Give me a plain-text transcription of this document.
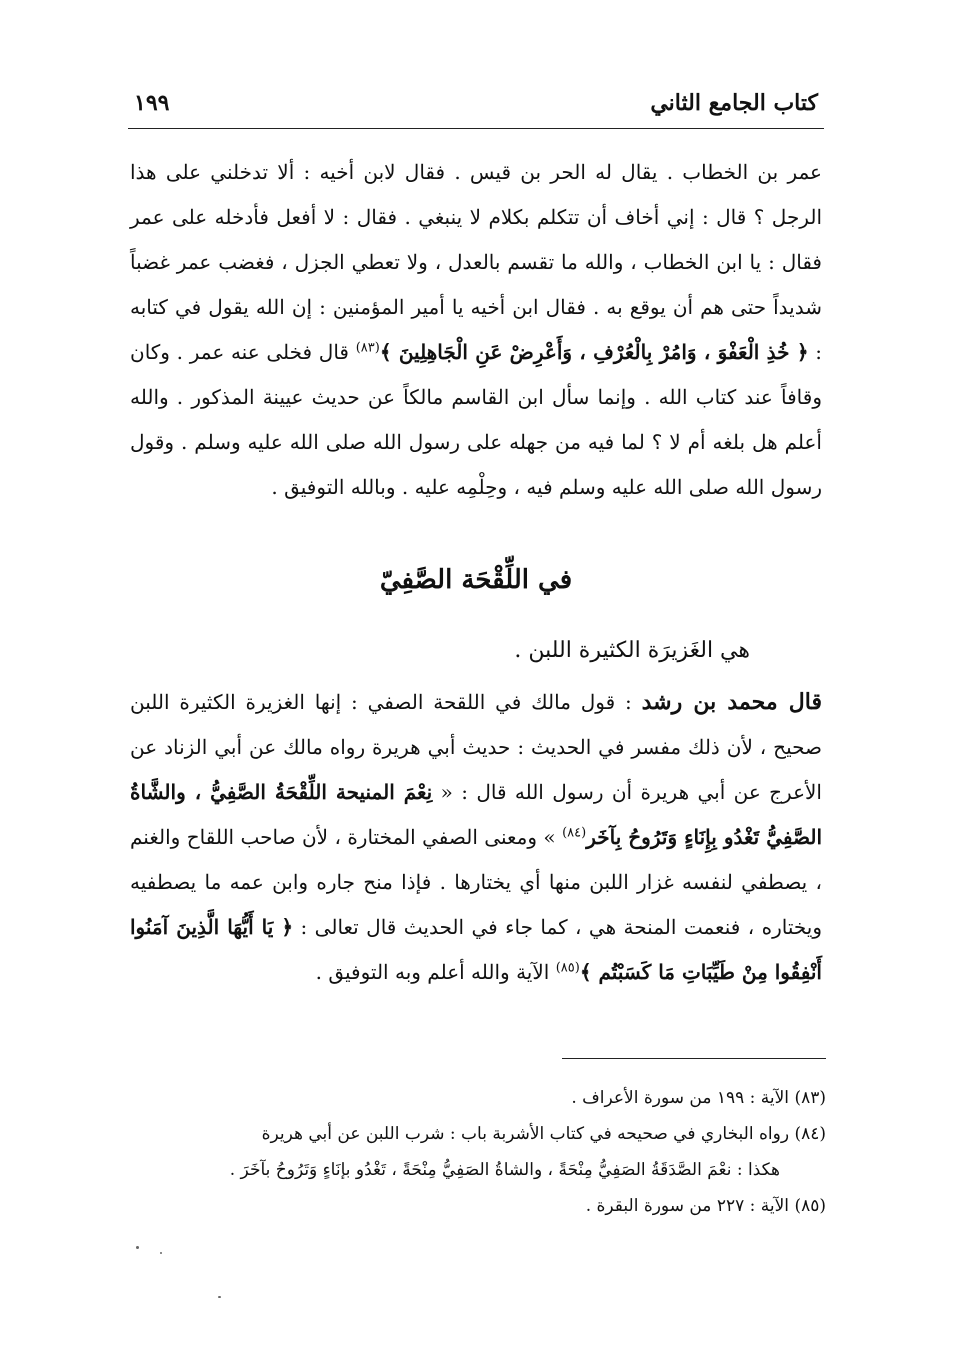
كتاب الجامع الثاني
١٩٩
عمر بن الخطاب . يقال له الحر بن قيس . فقال لابن أخيه : ألا تدخلني على هذا الرجل ؟ قال : إني أخاف أن تتكلم بكلام لا ينبغي . فقال : لا أفعل فأدخله على عمر فقال : يا ابن الخطاب ، والله ما تقسم بالعدل ، ولا تعطي الجزل ، فغضب عمر غضباً شديداً حتى هم أن يوقع به . فقال ابن أخيه يا أمير المؤمنين : إن الله يقول في كتابه : ﴿ خُذِ الْعَفْوَ ، وَامُرْ بِالْعُرْفِ ، وَأَعْرِضْ عَنِ الْجَاهِلِينَ ﴾$^{(٨٣)}$ قال فخلى عنه عمر . وكان وقافاً عند كتاب الله . وإنما سأل ابن القاسم مالكاً عن حديث عيينة المذكور . والله أعلم هل بلغه أم لا ؟ لما فيه من جهله على رسول الله صلى الله عليه وسلم . وقول رسول الله صلى الله عليه وسلم فيه ، وحِلْمِه عليه . وبالله التوفيق .
في اللِّقْحَة الصَّفِيّ
هي الغَزيرَة الكثيرة اللبن .
قال محمد بن رشد : قول مالك في اللقحة الصفي : إنها الغزيرة الكثيرة اللبن صحيح ، لأن ذلك مفسر في الحديث : حديث أبي هريرة رواه مالك عن أبي الزناد عن الأعرج عن أبي هريرة أن رسول الله قال : « نِعْمَ المنيحة اللِّقْحَةُ الصَّفِيُّ ، والشَّاةُ الصَّفِيُّ تَغْدُو بِإِنَاءٍ وَتَرُوحُ بِآخَر$^{(٨٤)}$ » ومعنى الصفي المختارة ، لأن صاحب اللقاح والغنم ، يصطفي لنفسه غزار اللبن منها أي يختارها . فإذا منح جاره وابن عمه ما يصطفيه ويختاره ، فنعمت المنحة هي ، كما جاء في الحديث قال تعالى : ﴿ يَا أَيُّهَا الَّذِينَ آمَنُوا أَنْفِقُوا مِنْ طَيِّبَاتِ مَا كَسَبْتُم ﴾$^{(٨٥)}$ الآية والله أعلم وبه التوفيق .

(٨٣) الآية : ١٩٩ من سورة الأعراف .

(٨٤) رواه البخاري في صحيحه في كتاب الأشربة باب : شرب اللبن عن أبي هريرة
هكذا : نعْمَ الصَّدَقَةُ الصَفِيُّ مِنْحَةً ، والشاةُ الصَفِيُّ مِنْحَةً ، تَغْدُو بإنَاءٍ وَتَرُوحُ بآخَرَ .

(٨٥) الآية : ٢٢٧ من سورة البقرة .
